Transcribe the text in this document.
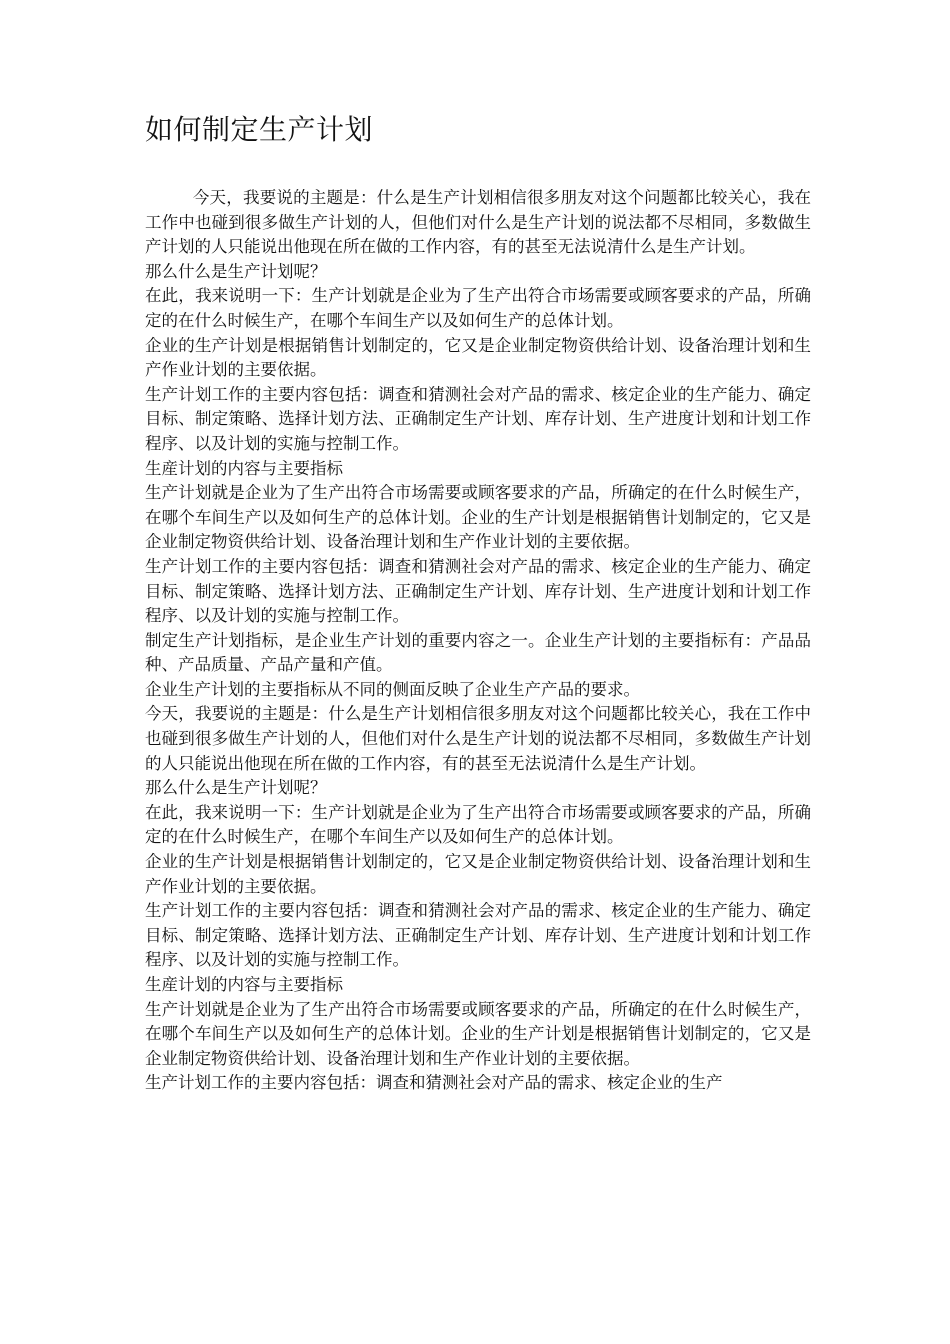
如何制定生产计划

今天，我要说的主题是：什么是生产计划相信很多朋友对这个问题都比较关心，我在工作中也碰到很多做生产计划的人，但他们对什么是生产计划的说法都不尽相同，多数做生产计划的人只能说出他现在所在做的工作内容，有的甚至无法说清什么是生产计划。

那么什么是生产计划呢？

在此，我来说明一下：生产计划就是企业为了生产出符合市场需要或顾客要求的产品，所确定的在什么时候生产，在哪个车间生产以及如何生产的总体计划。

企业的生产计划是根据销售计划制定的，它又是企业制定物资供给计划、设备治理计划和生产作业计划的主要依据。

生产计划工作的主要内容包括：调查和猜测社会对产品的需求、核定企业的生产能力、确定目标、制定策略、选择计划方法、正确制定生产计划、库存计划、生产进度计划和计划工作程序、以及计划的实施与控制工作。

生産计划的内容与主要指标

生产计划就是企业为了生产出符合市场需要或顾客要求的产品，所确定的在什么时候生产，在哪个车间生产以及如何生产的总体计划。企业的生产计划是根据销售计划制定的，它又是企业制定物资供给计划、设备治理计划和生产作业计划的主要依据。

生产计划工作的主要内容包括：调查和猜测社会对产品的需求、核定企业的生产能力、确定目标、制定策略、选择计划方法、正确制定生产计划、库存计划、生产进度计划和计划工作程序、以及计划的实施与控制工作。

制定生产计划指标，是企业生产计划的重要内容之一。企业生产计划的主要指标有：产品品种、产品质量、产品产量和产值。

企业生产计划的主要指标从不同的侧面反映了企业生产产品的要求。

今天，我要说的主题是：什么是生产计划相信很多朋友对这个问题都比较关心，我在工作中也碰到很多做生产计划的人，但他们对什么是生产计划的说法都不尽相同，多数做生产计划的人只能说出他现在所在做的工作内容，有的甚至无法说清什么是生产计划。

那么什么是生产计划呢？

在此，我来说明一下：生产计划就是企业为了生产出符合市场需要或顾客要求的产品，所确定的在什么时候生产，在哪个车间生产以及如何生产的总体计划。

企业的生产计划是根据销售计划制定的，它又是企业制定物资供给计划、设备治理计划和生产作业计划的主要依据。

生产计划工作的主要内容包括：调查和猜测社会对产品的需求、核定企业的生产能力、确定目标、制定策略、选择计划方法、正确制定生产计划、库存计划、生产进度计划和计划工作程序、以及计划的实施与控制工作。

生産计划的内容与主要指标

生产计划就是企业为了生产出符合市场需要或顾客要求的产品，所确定的在什么时候生产，在哪个车间生产以及如何生产的总体计划。企业的生产计划是根据销售计划制定的，它又是企业制定物资供给计划、设备治理计划和生产作业计划的主要依据。

生产计划工作的主要内容包括：调查和猜测社会对产品的需求、核定企业的生产
